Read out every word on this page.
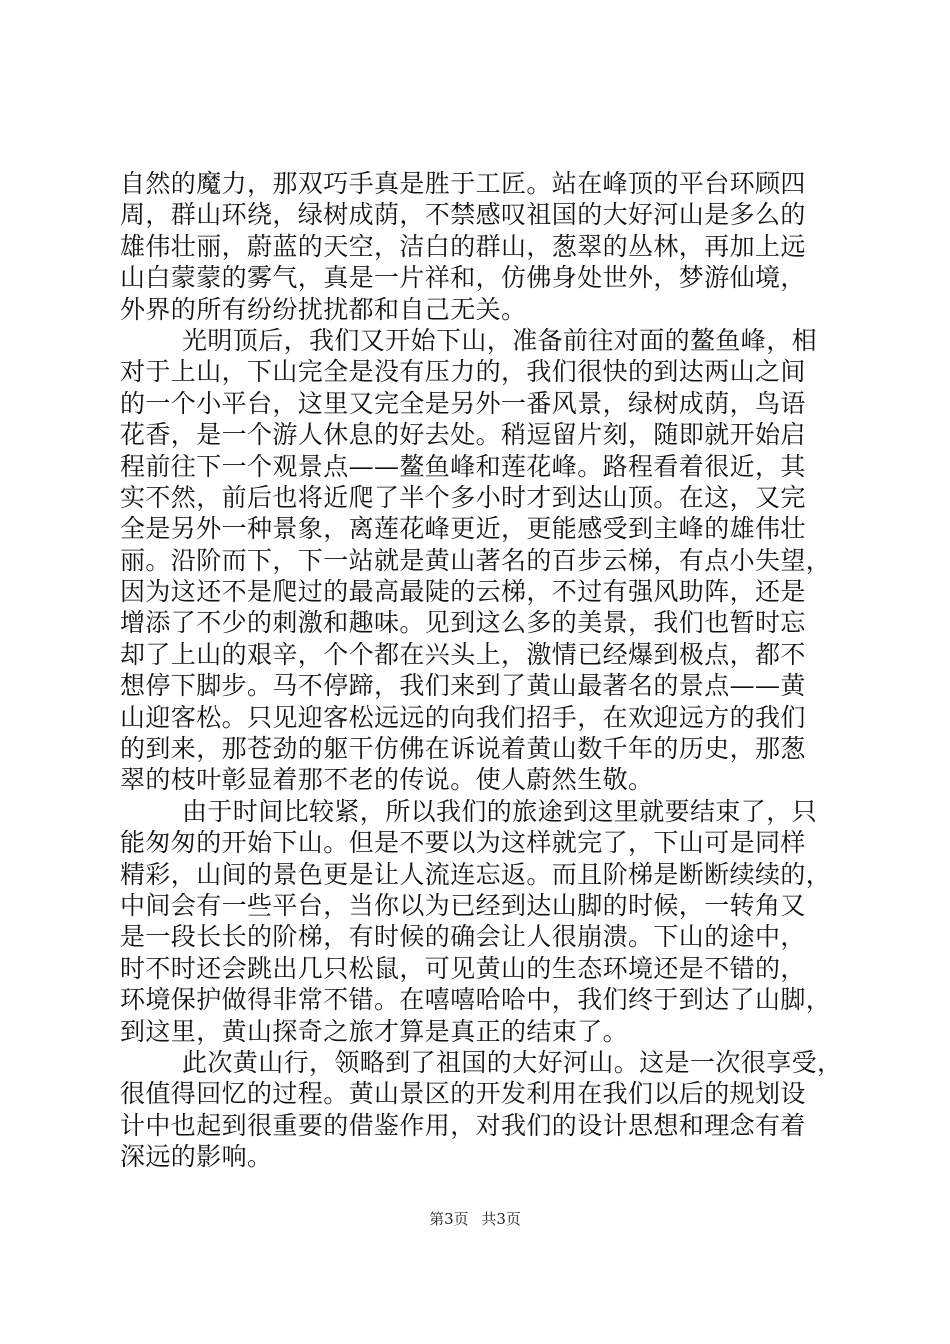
自然的魔力，那双巧手真是胜于工匠。站在峰顶的平台环顾四
周，群山环绕，绿树成荫，不禁感叹祖国的大好河山是多么的
雄伟壮丽，蔚蓝的天空，洁白的群山，葱翠的丛林，再加上远
山白蒙蒙的雾气，真是一片祥和，仿佛身处世外，梦游仙境，
外界的所有纷纷扰扰都和自己无关。
光明顶后，我们又开始下山，准备前往对面的鳌鱼峰，相
对于上山，下山完全是没有压力的，我们很快的到达两山之间
的一个小平台，这里又完全是另外一番风景，绿树成荫，鸟语
花香，是一个游人休息的好去处。稍逗留片刻，随即就开始启
程前往下一个观景点——鳌鱼峰和莲花峰。路程看着很近，其
实不然，前后也将近爬了半个多小时才到达山顶。在这，又完
全是另外一种景象，离莲花峰更近，更能感受到主峰的雄伟壮
丽。沿阶而下，下一站就是黄山著名的百步云梯，有点小失望，
因为这还不是爬过的最高最陡的云梯，不过有强风助阵，还是
增添了不少的刺激和趣味。见到这么多的美景，我们也暂时忘
却了上山的艰辛，个个都在兴头上，激情已经爆到极点，都不
想停下脚步。马不停蹄，我们来到了黄山最著名的景点——黄
山迎客松。只见迎客松远远的向我们招手，在欢迎远方的我们
的到来，那苍劲的躯干仿佛在诉说着黄山数千年的历史，那葱
翠的枝叶彰显着那不老的传说。使人蔚然生敬。
由于时间比较紧，所以我们的旅途到这里就要结束了，只
能匆匆的开始下山。但是不要以为这样就完了，下山可是同样
精彩，山间的景色更是让人流连忘返。而且阶梯是断断续续的，
中间会有一些平台，当你以为已经到达山脚的时候，一转角又
是一段长长的阶梯，有时候的确会让人很崩溃。下山的途中，
时不时还会跳出几只松鼠，可见黄山的生态环境还是不错的，
环境保护做得非常不错。在嘻嘻哈哈中，我们终于到达了山脚，
到这里，黄山探奇之旅才算是真正的结束了。
此次黄山行，领略到了祖国的大好河山。这是一次很享受，
很值得回忆的过程。黄山景区的开发利用在我们以后的规划设
计中也起到很重要的借鉴作用，对我们的设计思想和理念有着
深远的影响。
第3页 共3页
